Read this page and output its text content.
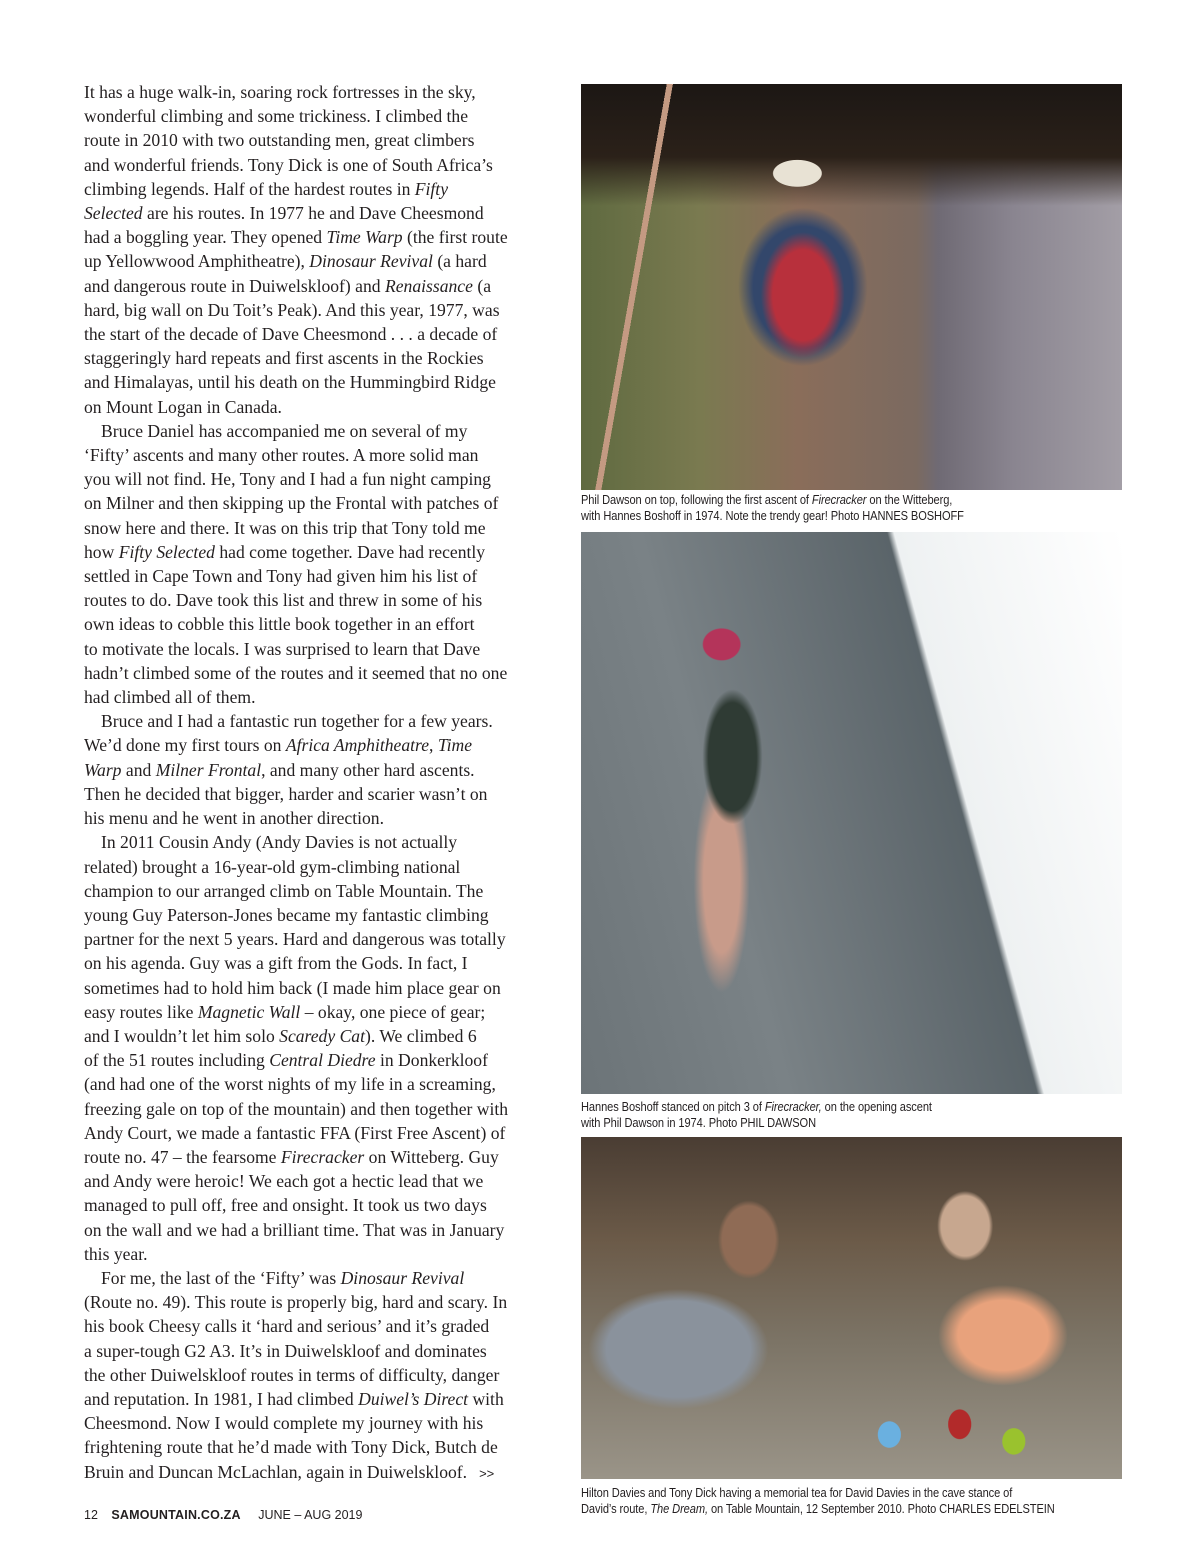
It has a huge walk-in, soaring rock fortresses in the sky,
wonderful climbing and some trickiness. I climbed the
route in 2010 with two outstanding men, great climbers
and wonderful friends. Tony Dick is one of South Africa’s
climbing legends. Half of the hardest routes in Fifty
Selected are his routes. In 1977 he and Dave Cheesmond
had a boggling year. They opened Time Warp (the first route
up Yellowwood Amphitheatre), Dinosaur Revival (a hard
and dangerous route in Duiwelskloof) and Renaissance (a
hard, big wall on Du Toit’s Peak). And this year, 1977, was
the start of the decade of Dave Cheesmond . . . a decade of
staggeringly hard repeats and first ascents in the Rockies
and Himalayas, until his death on the Hummingbird Ridge
on Mount Logan in Canada.

Bruce Daniel has accompanied me on several of my
‘Fifty’ ascents and many other routes. A more solid man
you will not find. He, Tony and I had a fun night camping
on Milner and then skipping up the Frontal with patches of
snow here and there. It was on this trip that Tony told me
how Fifty Selected had come together. Dave had recently
settled in Cape Town and Tony had given him his list of
routes to do. Dave took this list and threw in some of his
own ideas to cobble this little book together in an effort
to motivate the locals. I was surprised to learn that Dave
hadn’t climbed some of the routes and it seemed that no one
had climbed all of them.

Bruce and I had a fantastic run together for a few years.
We’d done my first tours on Africa Amphitheatre, Time
Warp and Milner Frontal, and many other hard ascents.
Then he decided that bigger, harder and scarier wasn’t on
his menu and he went in another direction.

In 2011 Cousin Andy (Andy Davies is not actually
related) brought a 16-year-old gym-climbing national
champion to our arranged climb on Table Mountain. The
young Guy Paterson-Jones became my fantastic climbing
partner for the next 5 years. Hard and dangerous was totally
on his agenda. Guy was a gift from the Gods. In fact, I
sometimes had to hold him back (I made him place gear on
easy routes like Magnetic Wall – okay, one piece of gear;
and I wouldn’t let him solo Scaredy Cat). We climbed 6
of the 51 routes including Central Diedre in Donkerkloof
(and had one of the worst nights of my life in a screaming,
freezing gale on top of the mountain) and then together with
Andy Court, we made a fantastic FFA (First Free Ascent) of
route no. 47 – the fearsome Firecracker on Witteberg. Guy
and Andy were heroic! We each got a hectic lead that we
managed to pull off, free and onsight. It took us two days
on the wall and we had a brilliant time. That was in January
this year.

For me, the last of the ‘Fifty’ was Dinosaur Revival
(Route no. 49). This route is properly big, hard and scary. In
his book Cheesy calls it ‘hard and serious’ and it’s graded
a super-tough G2 A3. It’s in Duiwelskloof and dominates
the other Duiwelskloof routes in terms of difficulty, danger
and reputation. In 1981, I had climbed Duiwel’s Direct with
Cheesmond. Now I would complete my journey with his
frightening route that he’d made with Tony Dick, Butch de
Bruin and Duncan McLachlan, again in Duiwelskloof. >>

Phil Dawson on top, following the first ascent of Firecracker on the Witteberg,
with Hannes Boshoff in 1974. Note the trendy gear! Photo HANNES BOSHOFF
Hannes Boshoff stanced on pitch 3 of Firecracker, on the opening ascent
with Phil Dawson in 1974. Photo PHIL DAWSON
Hilton Davies and Tony Dick having a memorial tea for David Davies in the cave stance of
David’s route, The Dream, on Table Mountain, 12 September 2010. Photo CHARLES EDELSTEIN
12 SAMOUNTAIN.CO.ZA JUNE – AUG 2019
